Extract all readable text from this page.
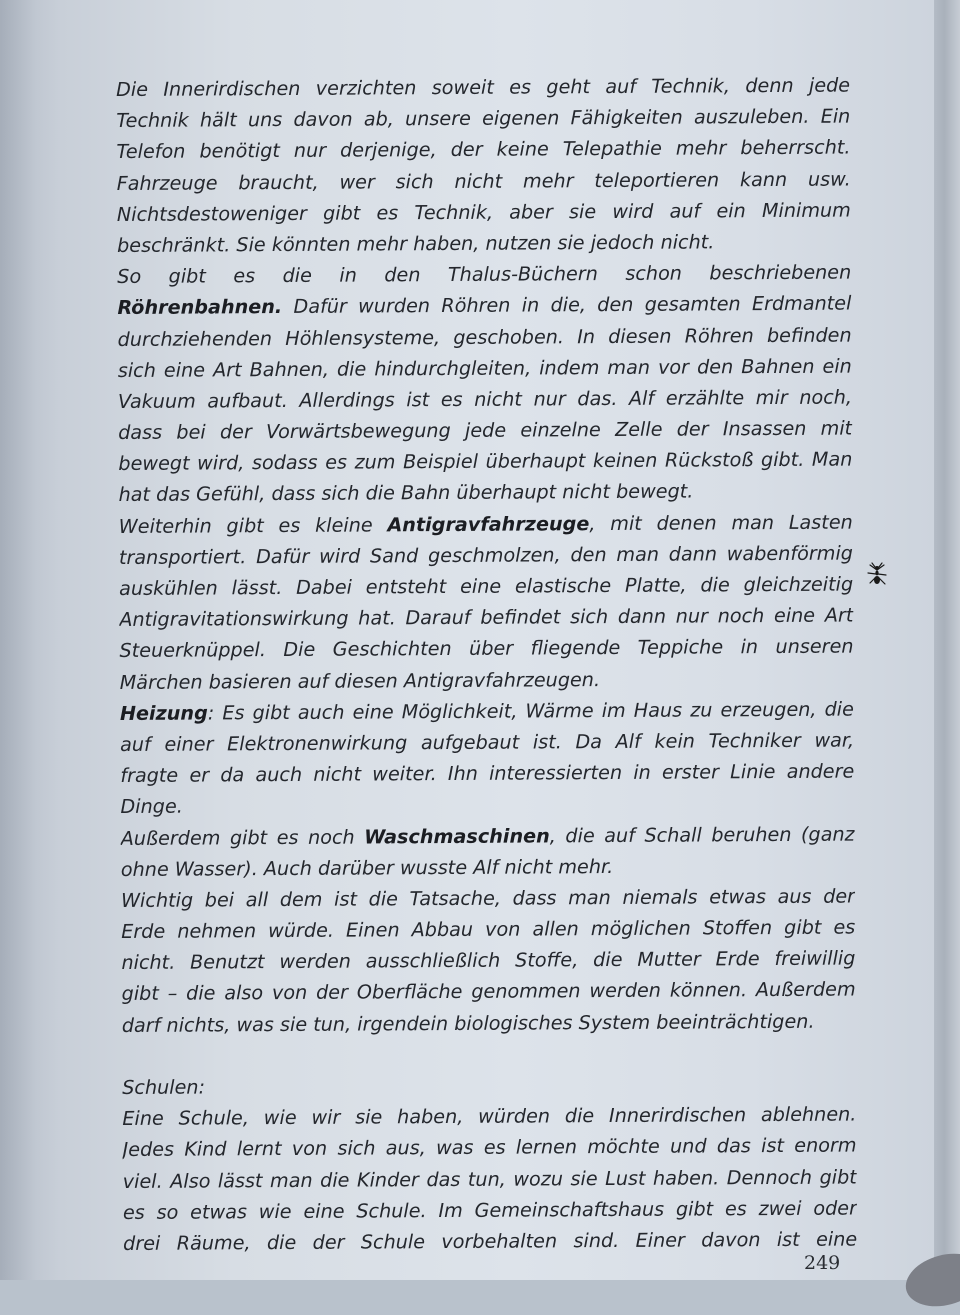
Die Innerirdischen verzichten soweit es geht auf Technik, denn jede
Technik hält uns davon ab, unsere eigenen Fähigkeiten auszuleben. Ein
Telefon benötigt nur derjenige, der keine Telepathie mehr beherrscht.
Fahrzeuge braucht, wer sich nicht mehr teleportieren kann usw.
Nichtsdestoweniger gibt es Technik, aber sie wird auf ein Minimum
beschränkt. Sie könnten mehr haben, nutzen sie jedoch nicht.
So gibt es die in den Thalus-Büchern schon beschriebenen
Röhrenbahnen. Dafür wurden Röhren in die, den gesamten Erdmantel
durchziehenden Höhlensysteme, geschoben. In diesen Röhren befinden
sich eine Art Bahnen, die hindurchgleiten, indem man vor den Bahnen ein
Vakuum aufbaut. Allerdings ist es nicht nur das. Alf erzählte mir noch,
dass bei der Vorwärtsbewegung jede einzelne Zelle der Insassen mit
bewegt wird, sodass es zum Beispiel überhaupt keinen Rückstoß gibt. Man
hat das Gefühl, dass sich die Bahn überhaupt nicht bewegt.
Weiterhin gibt es kleine Antigravfahrzeuge, mit denen man Lasten
transportiert. Dafür wird Sand geschmolzen, den man dann wabenförmig
auskühlen lässt. Dabei entsteht eine elastische Platte, die gleichzeitig
Antigravitationswirkung hat. Darauf befindet sich dann nur noch eine Art
Steuerknüppel. Die Geschichten über fliegende Teppiche in unseren
Märchen basieren auf diesen Antigravfahrzeugen.
Heizung: Es gibt auch eine Möglichkeit, Wärme im Haus zu erzeugen, die
auf einer Elektronenwirkung aufgebaut ist. Da Alf kein Techniker war,
fragte er da auch nicht weiter. Ihn interessierten in erster Linie andere
Dinge.
Außerdem gibt es noch Waschmaschinen, die auf Schall beruhen (ganz
ohne Wasser). Auch darüber wusste Alf nicht mehr.
Wichtig bei all dem ist die Tatsache, dass man niemals etwas aus der
Erde nehmen würde. Einen Abbau von allen möglichen Stoffen gibt es
nicht. Benutzt werden ausschließlich Stoffe, die Mutter Erde freiwillig
gibt – die also von der Oberfläche genommen werden können. Außerdem
darf nichts, was sie tun, irgendein biologisches System beeinträchtigen.
Schulen:
Eine Schule, wie wir sie haben, würden die Innerirdischen ablehnen.
Jedes Kind lernt von sich aus, was es lernen möchte und das ist enorm
viel. Also lässt man die Kinder das tun, wozu sie Lust haben. Dennoch gibt
es so etwas wie eine Schule. Im Gemeinschaftshaus gibt es zwei oder
drei Räume, die der Schule vorbehalten sind. Einer davon ist eine
249
